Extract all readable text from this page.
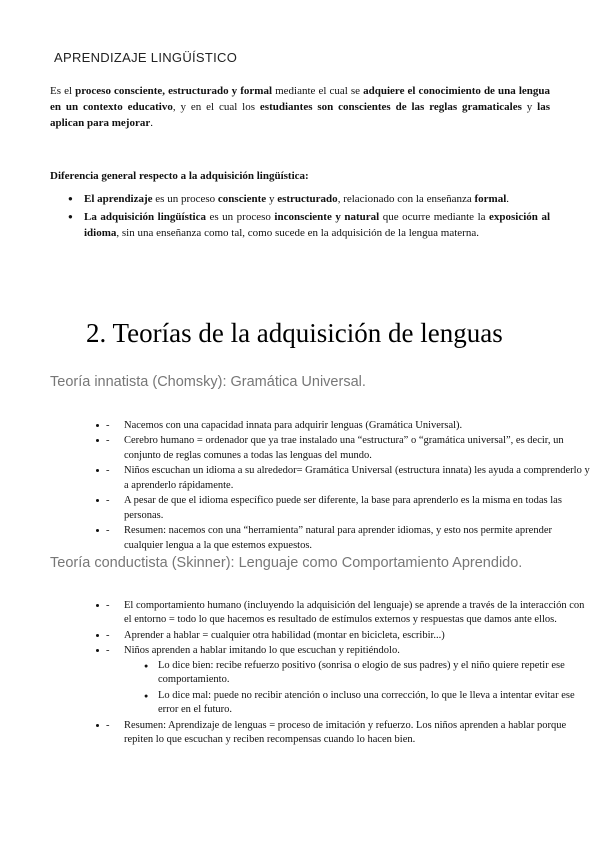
APRENDIZAJE LINGÜÍSTICO

Es el proceso consciente, estructurado y formal mediante el cual se adquiere el conocimiento de una lengua en un contexto educativo, y en el cual los estudiantes son conscientes de las reglas gramaticales y las aplican para mejorar.

Diferencia general respecto a la adquisición lingüística:

● El aprendizaje es un proceso consciente y estructurado, relacionado con la enseñanza formal.
● La adquisición lingüística es un proceso inconsciente y natural que ocurre mediante la exposición al idioma, sin una enseñanza como tal, como sucede en la adquisición de la lengua materna.
2. Teorías de la adquisición de lenguas
Teoría innatista (Chomsky): Gramática Universal.
- • Nacemos con una capacidad innata para adquirir lenguas (Gramática Universal).
- • Cerebro humano = ordenador que ya trae instalado una “estructura” o “gramática universal”, es decir, un conjunto de reglas comunes a todas las lenguas del mundo.
- • Niños escuchan un idioma a su alrededor= Gramática Universal (estructura innata) les ayuda a comprenderlo y a aprenderlo rápidamente.
- • A pesar de que el idioma específico puede ser diferente, la base para aprenderlo es la misma en todas las personas.
- • Resumen: nacemos con una “herramienta” natural para aprender idiomas, y esto nos permite aprender cualquier lengua a la que estemos expuestos.
Teoría conductista (Skinner): Lenguaje como Comportamiento Aprendido.
- • El comportamiento humano (incluyendo la adquisición del lenguaje) se aprende a través de la interacción con el entorno = todo lo que hacemos es resultado de estímulos externos y respuestas que damos ante ellos.
- • Aprender a hablar = cualquier otra habilidad (montar en bicicleta, escribir...)
- • Niños aprenden a hablar imitando lo que escuchan y repitiéndolo.
● Lo dice bien: recibe refuerzo positivo (sonrisa o elogio de sus padres) y el niño quiere repetir ese comportamiento.
● Lo dice mal: puede no recibir atención o incluso una corrección, lo que le lleva a intentar evitar ese error en el futuro.
- • Resumen: Aprendizaje de lenguas = proceso de imitación y refuerzo. Los niños aprenden a hablar porque repiten lo que escuchan y reciben recompensas cuando lo hacen bien.
